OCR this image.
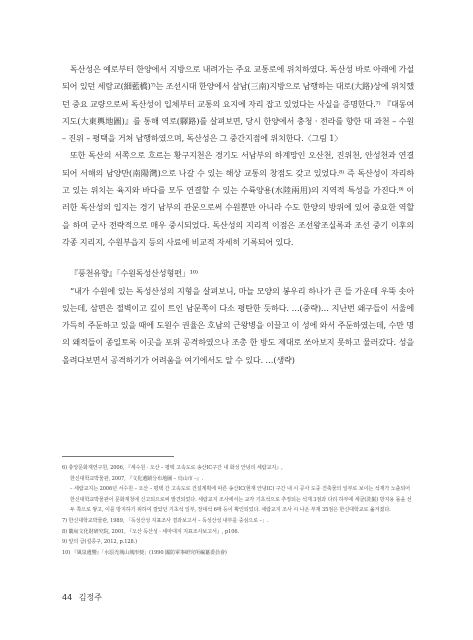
독산성은 예로부터 한양에서 지방으로 내려가는 주요 교통로에 위치하였다. 독산성 바로 아래에 가설되어 있던 세람교(細藍橋)⁷⁾는 조선시대 한양에서 삼남(三南)지방으로 남행하는 대로(大路)상에 위치했던 중요 교량으로써 독산성이 입체부터 교통의 요지에 자리 잡고 있었다는 사실을 증명한다.⁷⁾ 『대동여지도(大東輿地圖)』를 통해 역로(驛路)를 살펴보면, 당시 한양에서 충청 · 전라를 향한 대 과천 – 수원 – 진위 – 평택을 거쳐 남행하였으며, 독산성은 그 중간지점에 위치한다.〈그림 1〉

또한 독산의 서쪽으로 흐르는 황구지천은 경기도 서남부의 하계망인 오산천, 진위천, 안성천과 연결되어 서해의 남양만(南陽灣)으로 나갈 수 있는 해상 교통의 창점도 갖고 있었다.⁸⁾ 즉 독산성이 자리하고 있는 위치는 육지와 바다를 모두 연결할 수 있는 수륙양용(水陸兩用)의 지역적 특성을 가진다.⁹⁾ 이러한 독산성의 입지는 경기 남부의 관문으로써 수원뿐만 아니라 수도 한양의 방위에 있어 중요한 역할을 하며 군사 전략적으로 매우 중시되었다. 독산성의 지리적 이점은 조선왕조실록과 조선 중기 이후의 각종 지리지, 수원부읍지 등의 사료에 비교적 자세히 기록되어 있다.

『풍천유향』「수원독성산성형편」¹⁰⁾

“내가 수원에 있는 독성산성의 지형을 살펴보니, 마늘 모양의 봉우리 하나가 큰 들 가운데 우뚝 솟아 있는데, 삼면은 절벽이고 깊이 트인 남문쪽이 다소 평탄한 듯하다. …(중략)… 지난번 왜구들이 서울에 가득히 주둔하고 있을 때에 도원수 권율은 호남의 근왕병을 이끌고 이 성에 와서 주둔하였는데, 수만 명의 왜적들이 종일토록 이곳을 포위 공격하였으나 조총 한 방도 제대로 쏘아보지 못하고 물러갔다. 성을 올려다보면서 공격하기가 어려움을 여기에서도 알 수 있다. …(생략)

6) 충앙문화재연구원, 2006, 『세수원 · 오산 – 평택 고속도로 송산IC구간 내 화성 안녕리 세람교지』,

한신대학교박물관, 2007, 『文化遺蹟分布地圖 – 烏山市 –』.

– 세람교지는 2006년 서수원 – 오산 – 평택 간 고속도로 건설계획에 따른 송산IC(현재 안녕IC) 구간 내 시 공사 도중 건축물의 일부로 보이는 석재가 노출되어 한신대학교박물관이 문화재청에 신고되으로써 발견되었다. 세람교지 조사에서는 교각 기초석으로 추정되는 석재 3점과 다리 하부에 세굴(洗掘) 방지용 돌을 선두 쪽으로 쌓고, 이를 방지하기 위하여 깔았던 기초석 일부, 장대석 6매 등이 확인되었다. 세람교지 조사 시 나온 부재 35점은 한신대학교로 옮겨졌다.

7) 한신대학교박물관, 1989, 「독성산성 지표조사 결과보고서 – 독성산성 내부를 중심으로 –」.

8) 畿甸文化財硏究院, 2001, 『오산 독산성 · 세마대지 지표조사보고서』, p106.

9) 앞의 글(설종구, 2012, p.128.)

10) 『風泉遺響』「水原禿城山城形便」(1990 國防軍事硏究所編纂委員會)

44 김정주
